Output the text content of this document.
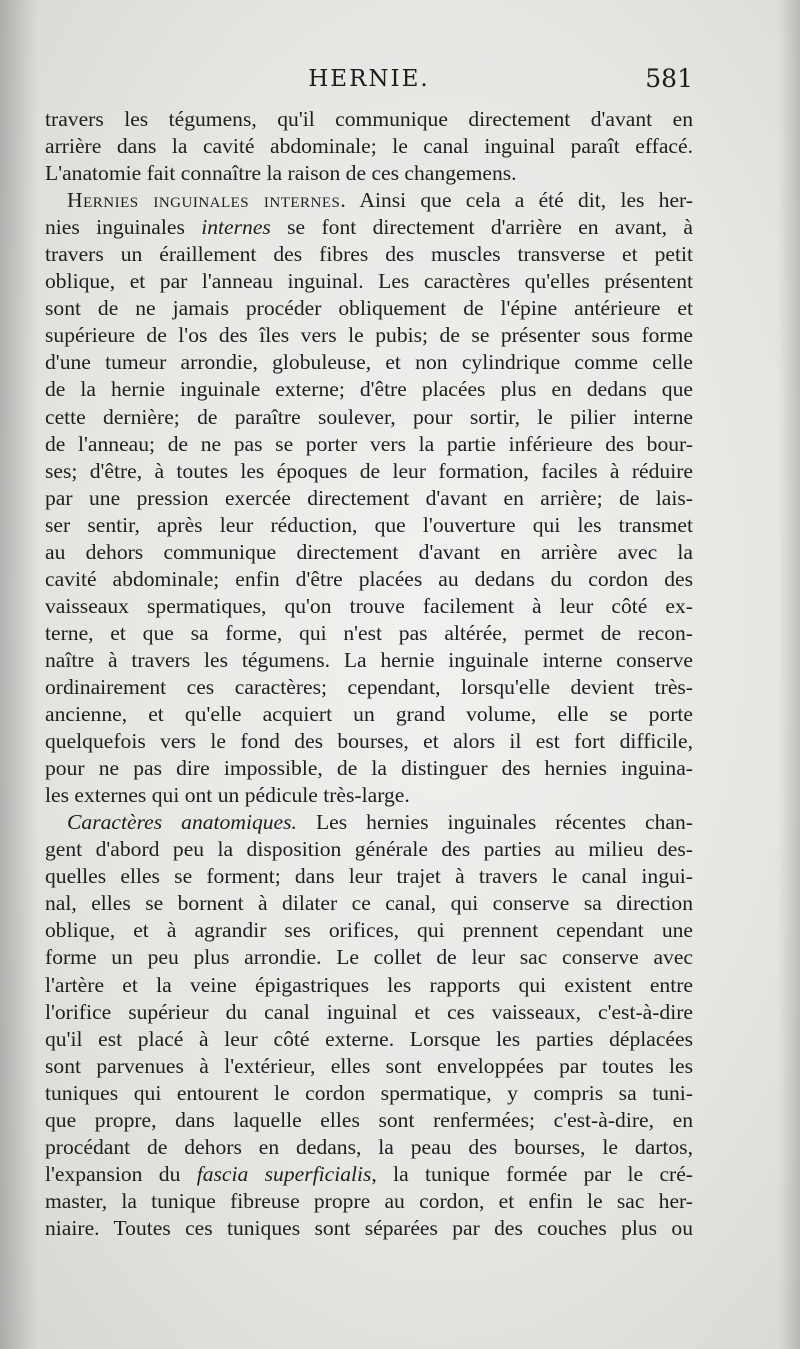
HERNIE.	581
travers les tégumens, qu'il communique directement d'avant en
arrière dans la cavité abdominale; le canal inguinal paraît effacé.
L'anatomie fait connaître la raison de ces changemens.
Hernies inguinales internes. Ainsi que cela a été dit, les her-
nies inguinales internes se font directement d'arrière en avant, à
travers un éraillement des fibres des muscles transverse et petit
oblique, et par l'anneau inguinal. Les caractères qu'elles présentent
sont de ne jamais procéder obliquement de l'épine antérieure et
supérieure de l'os des îles vers le pubis; de se présenter sous forme
d'une tumeur arrondie, globuleuse, et non cylindrique comme celle
de la hernie inguinale externe; d'être placées plus en dedans que
cette dernière; de paraître soulever, pour sortir, le pilier interne
de l'anneau; de ne pas se porter vers la partie inférieure des bour-
ses; d'être, à toutes les époques de leur formation, faciles à réduire
par une pression exercée directement d'avant en arrière; de lais-
ser sentir, après leur réduction, que l'ouverture qui les transmet
au dehors communique directement d'avant en arrière avec la
cavité abdominale; enfin d'être placées au dedans du cordon des
vaisseaux spermatiques, qu'on trouve facilement à leur côté ex-
terne, et que sa forme, qui n'est pas altérée, permet de recon-
naître à travers les tégumens. La hernie inguinale interne conserve
ordinairement ces caractères; cependant, lorsqu'elle devient très-
ancienne, et qu'elle acquiert un grand volume, elle se porte
quelquefois vers le fond des bourses, et alors il est fort difficile,
pour ne pas dire impossible, de la distinguer des hernies inguina-
les externes qui ont un pédicule très-large.
Caractères anatomiques. Les hernies inguinales récentes chan-
gent d'abord peu la disposition générale des parties au milieu des-
quelles elles se forment; dans leur trajet à travers le canal ingui-
nal, elles se bornent à dilater ce canal, qui conserve sa direction
oblique, et à agrandir ses orifices, qui prennent cependant une
forme un peu plus arrondie. Le collet de leur sac conserve avec
l'artère et la veine épigastriques les rapports qui existent entre
l'orifice supérieur du canal inguinal et ces vaisseaux, c'est-à-dire
qu'il est placé à leur côté externe. Lorsque les parties déplacées
sont parvenues à l'extérieur, elles sont enveloppées par toutes les
tuniques qui entourent le cordon spermatique, y compris sa tuni-
que propre, dans laquelle elles sont renfermées; c'est-à-dire, en
procédant de dehors en dedans, la peau des bourses, le dartos,
l'expansion du fascia superficialis, la tunique formée par le cré-
master, la tunique fibreuse propre au cordon, et enfin le sac her-
niaire. Toutes ces tuniques sont séparées par des couches plus ou
